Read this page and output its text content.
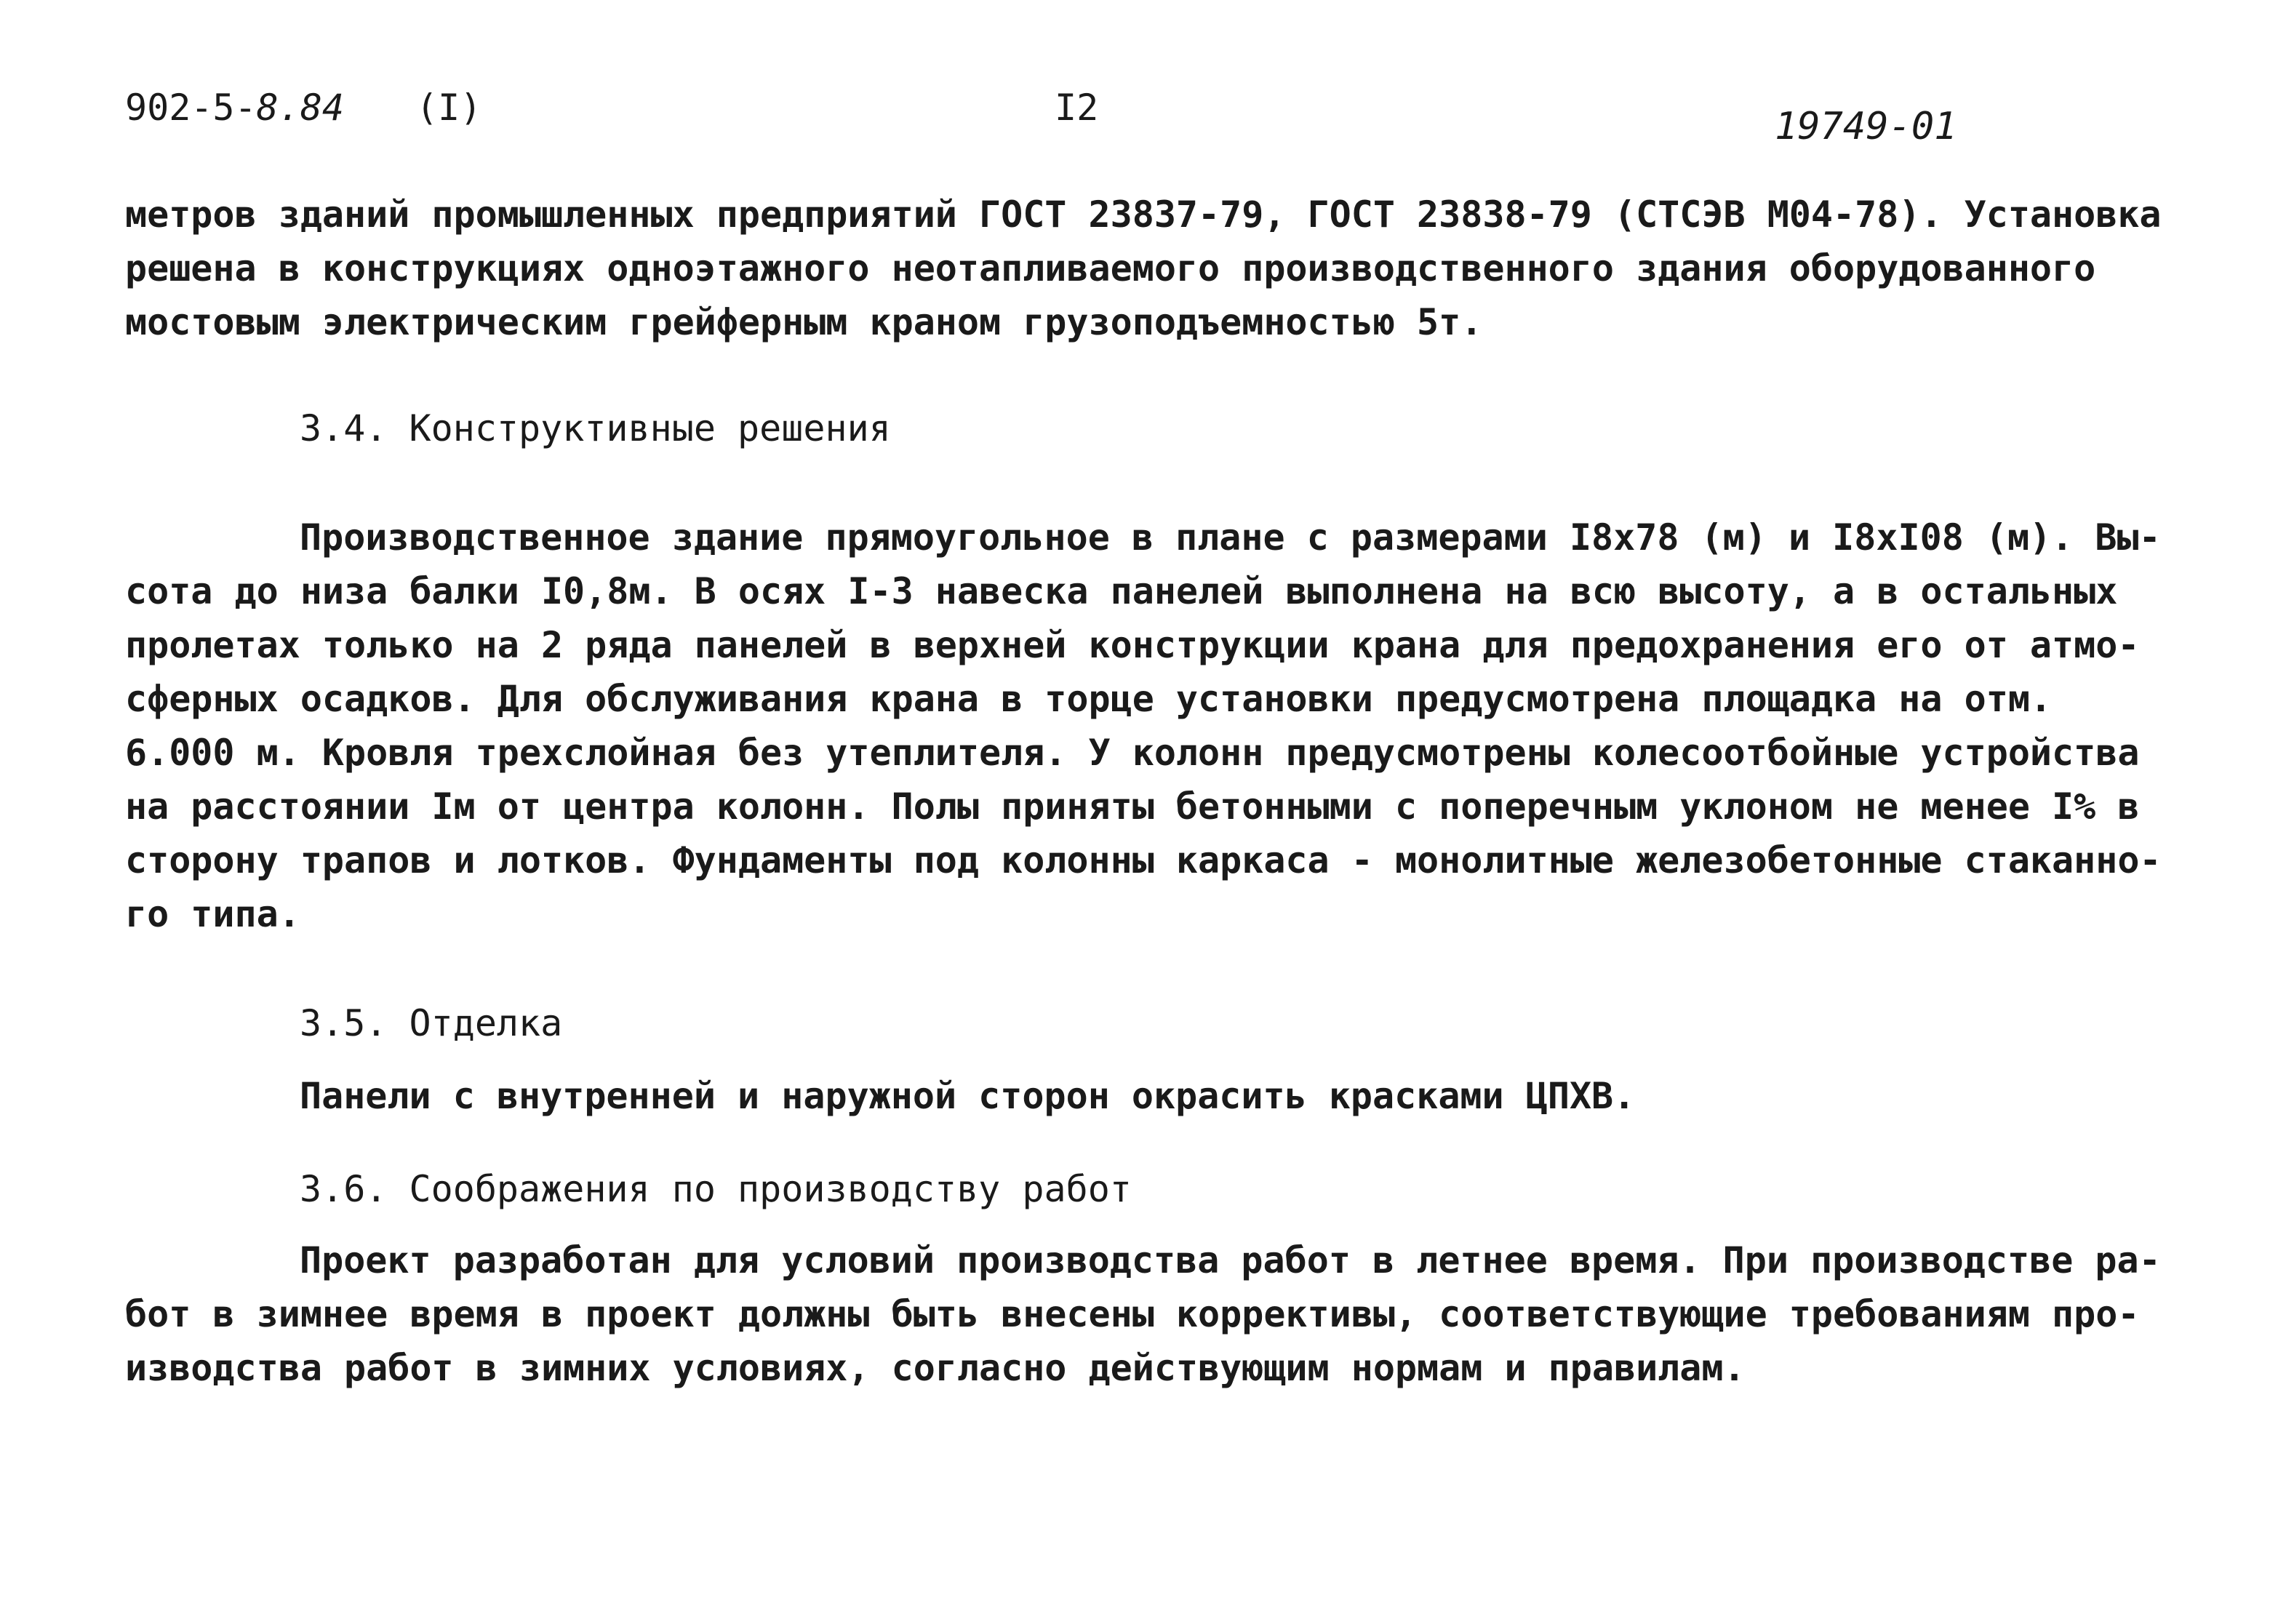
902-5-8.84 (I)	I2	19749-01
метров зданий промышленных предприятий ГОСТ 23837-79, ГОСТ 23838-79 (СТСЭВ М04-78). Установка
решена в конструкциях одноэтажного неотапливаемого производственного здания оборудованного
мостовым электрическим грейферным краном грузоподъемностью 5т.
3.4. Конструктивные решения
Производственное здание прямоугольное в плане с размерами I8х78 (м) и I8хI08 (м). Вы-
сота до низа балки I0,8м. В осях I-3 навеска панелей выполнена на всю высоту, а в остальных
пролетах только на 2 ряда панелей в верхней конструкции крана для предохранения его от атмо-
сферных осадков. Для обслуживания крана в торце установки предусмотрена площадка на отм.
6.000 м. Кровля трехслойная без утеплителя. У колонн предусмотрены колесоотбойные устройства
на расстоянии Iм от центра колонн. Полы приняты бетонными с поперечным уклоном не менее I% в
сторону трапов и лотков. Фундаменты под колонны каркаса - монолитные железобетонные стаканно-
го типа.
3.5. Отделка
Панели с внутренней и наружной сторон окрасить красками ЦПХВ.
3.6. Соображения по производству работ
Проект разработан для условий производства работ в летнее время. При производстве ра-
бот в зимнее время в проект должны быть внесены коррективы, соответствующие требованиям про-
изводства работ в зимних условиях, согласно действующим нормам и правилам.
